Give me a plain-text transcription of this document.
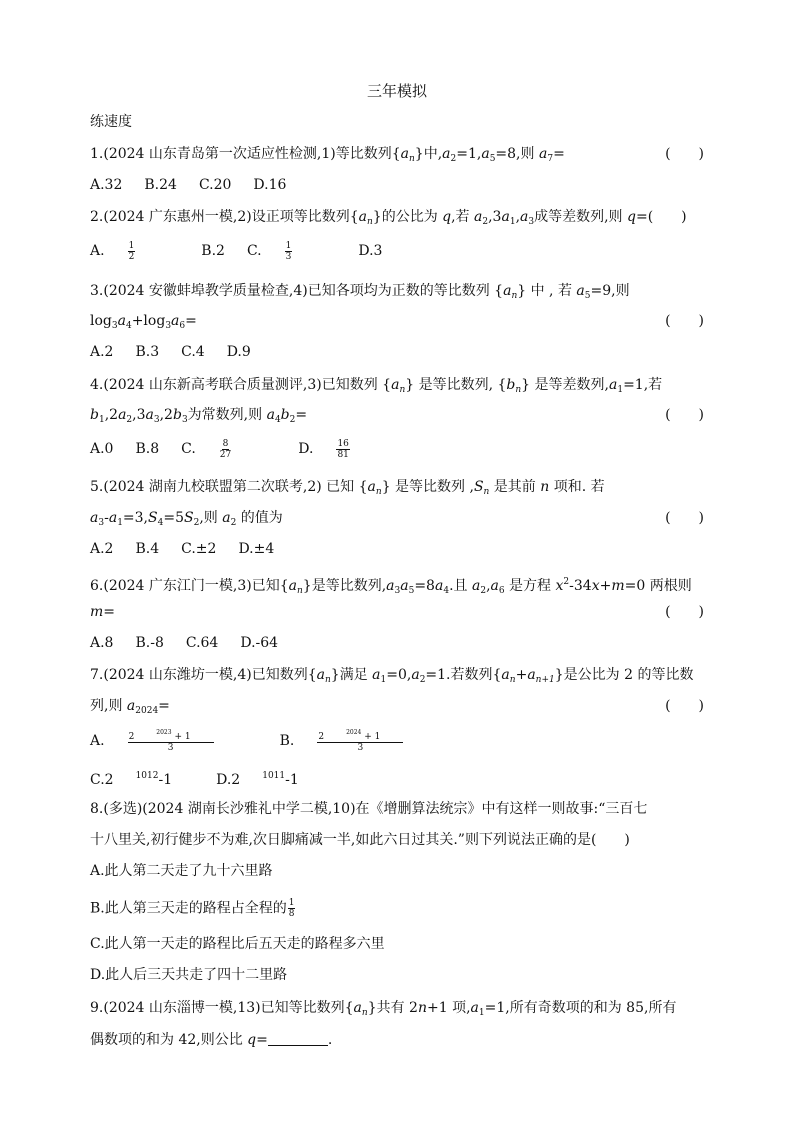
三年模拟
练速度
1.(2024 山东青岛第一次适应性检测,1)等比数列$\{a_n\}$中$,a_2=1,a_5=8$,则 $a_7=$	(　　)
A.32 B.24 C.20 D.16
2.(2024 广东惠州一模,2)设正项等比数列$\{a_n\}$的公比为 q,若 $a_2,3a_1,a_3$成等差数列,则 q=(　　)
A.	$\frac{1}{2}$	B.2 C.	$\frac{1}{3}$	D.3
3.(2024 安徽蚌埠教学质量检查,4)已知各项均为正数的等比数列 $\{a_n\}$ 中 , 若 $a_5=9$,则
$\log_3a_4+\log_3a_6=$	(　　)
A.2 B.3 C.4 D.9
4.(2024 山东新高考联合质量测评,3)已知数列 $\{a_n\}$ 是等比数列, $\{b_n\}$ 是等差数列$,a_1=1$,若
$b_1,2a_2,3a_3,2b_3$为常数列,则 $a_4b_2=$	(　　)
A.0 B.8 C.	$\frac{8}{27}$	D.	$\frac{16}{81}$
5.(2024 湖南九校联盟第二次联考,2) 已知 $\{a_n\}$ 是等比数列 $,S_n$ 是其前 n 项和. 若
$a_3-a_1=3,S_4=5S_2$,则 $a_2$ 的值为	(　　)
A.2 B.4 C.±2 D.±4
6.(2024 广东江门一模,3)已知$\{a_n\}$是等比数列$,a_3a_5=8a_4$.且 $a_2,a_6$ 是方程 $x^2-34x+m=0$ 两根则
m=	(　　)
A.8 B.-8 C.64 D.-64
7.(2024 山东潍坊一模,4)已知数列$\{a_n\}$满足 $a_1=0,a_2=1$.若数列$\{a_n+a_{n+1}\}$是公比为 2 的等比数
列,则 $a_{2024}=$	(　　)
A.	2	$^{2023}$ + 1
3	B.	2	$^{2024}$ + 1
3
C.2 $^{1012}$-1	D.2 $^{1011}$-1
8.(多选)(2024 湖南长沙雅礼中学二模,10)在《增删算法统宗》中有这样一则故事:“三百七
十八里关,初行健步不为难,次日脚痛减一半,如此六日过其关.”则下列说法正确的是(　　)
A.此人第二天走了九十六里路
B.此人第三天走的路程占全程的 $\frac{1}{8}$
C.此人第一天走的路程比后五天走的路程多六里
D.此人后三天共走了四十二里路
9.(2024 山东淄博一模,13)已知等比数列$\{a_n\}$共有 2n+1 项$,a_1=1$,所有奇数项的和为 85,所有
偶数项的和为 42,则公比 q=	.
